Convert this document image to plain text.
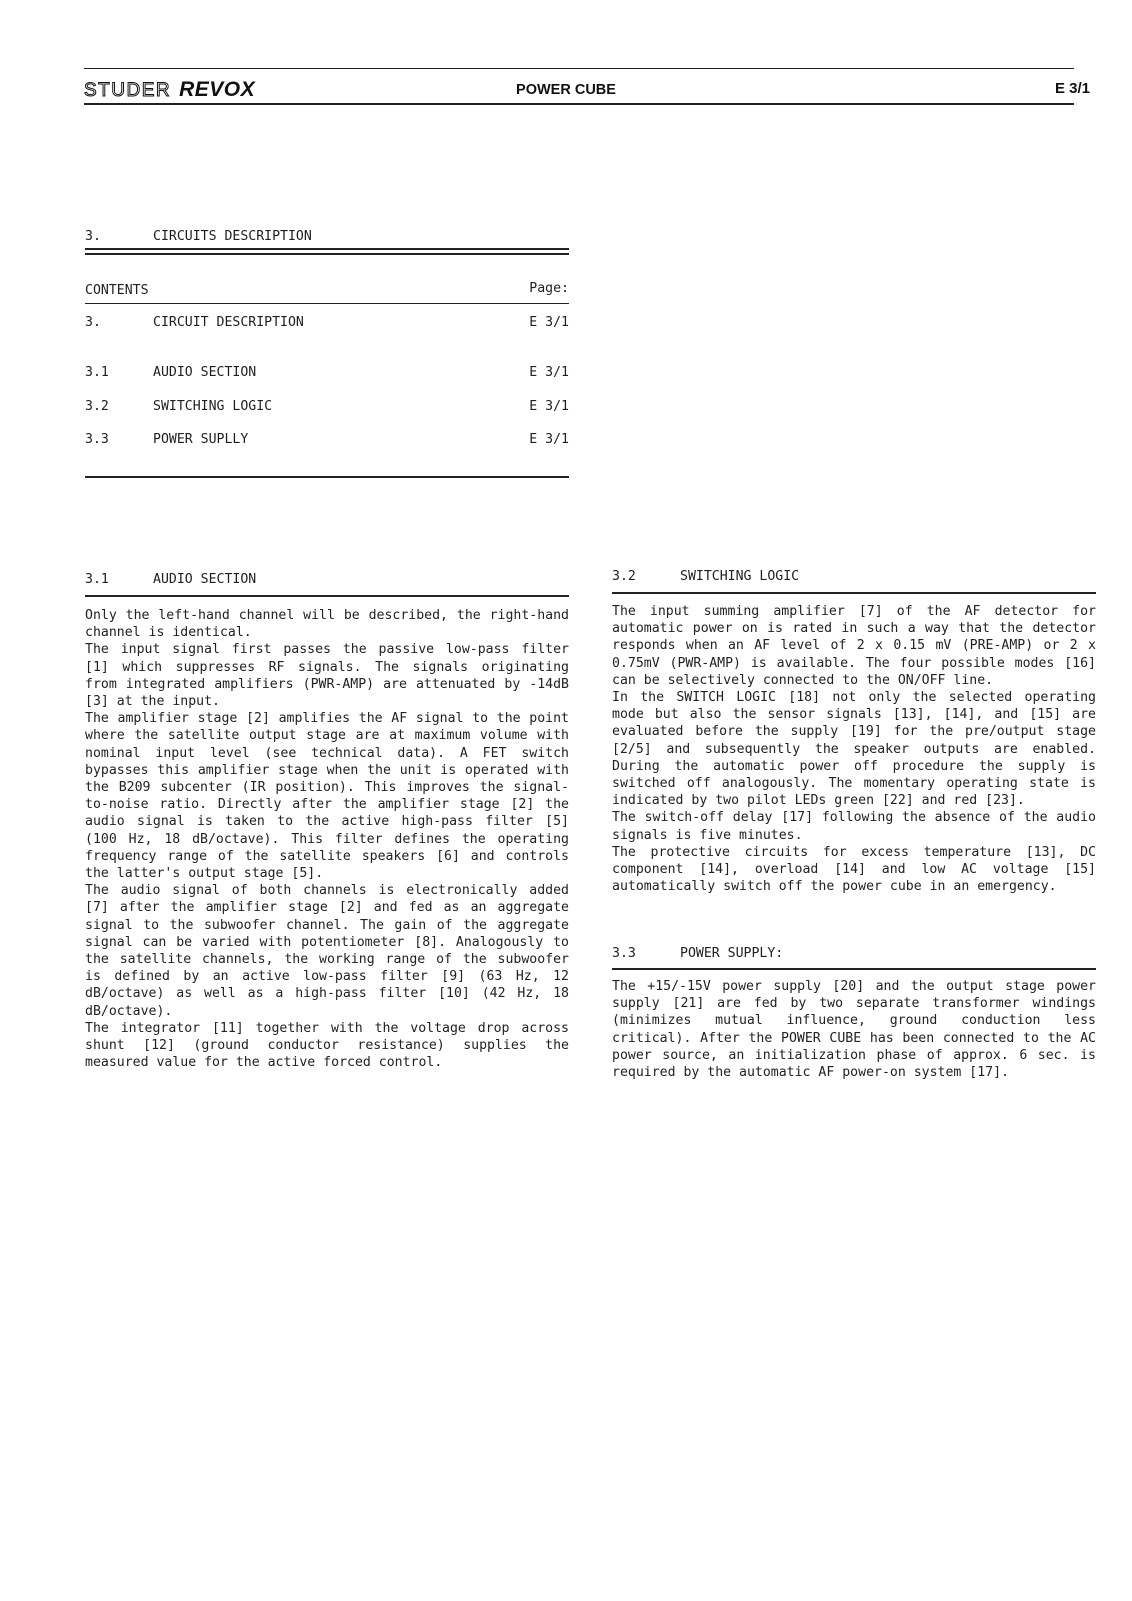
STUDER REVOX	POWER CUBE	E 3/1
3.	CIRCUITS DESCRIPTION
CONTENTS	Page:
3.	CIRCUIT DESCRIPTION	E 3/1
3.1	AUDIO SECTION	E 3/1
3.2	SWITCHING LOGIC	E 3/1
3.3	POWER SUPLLY	E 3/1
3.1	AUDIO SECTION

Only the left-hand channel will be described, the right-hand channel is identical.

The input signal first passes the passive low-pass filter [1] which suppresses RF signals. The signals originating from integrated amplifiers (PWR-AMP) are attenuated by -14dB [3] at the input.

The amplifier stage [2] amplifies the AF signal to the point where the satellite output stage are at maximum volume with nominal input level (see technical data). A FET switch bypasses this amplifier stage when the unit is operated with the B209 subcenter (IR position). This improves the signal-to-noise ratio. Directly after the amplifier stage [2] the audio signal is taken to the active high-pass filter [5] (100 Hz, 18 dB/octave). This filter defines the operating frequency range of the satellite speakers [6] and controls the latter's output stage [5].

The audio signal of both channels is electronically added [7] after the amplifier stage [2] and fed as an aggregate signal to the subwoofer channel. The gain of the aggregate signal can be varied with potentiometer [8]. Analogously to the satellite channels, the working range of the subwoofer is defined by an active low-pass filter [9] (63 Hz, 12 dB/octave) as well as a high-pass filter [10] (42 Hz, 18 dB/octave).

The integrator [11] together with the voltage drop across shunt [12] (ground conductor resistance) supplies the measured value for the active forced control.

3.2	SWITCHING LOGIC

The input summing amplifier [7] of the AF detector for automatic power on is rated in such a way that the detector responds when an AF level of 2 x 0.15 mV (PRE-AMP) or 2 x 0.75mV (PWR-AMP) is available. The four possible modes [16] can be selectively connected to the ON/OFF line.

In the SWITCH LOGIC [18] not only the selected operating mode but also the sensor signals [13], [14], and [15] are evaluated before the supply [19] for the pre/output stage [2/5] and subsequently the speaker outputs are enabled. During the automatic power off procedure the supply is switched off analogously. The momentary operating state is indicated by two pilot LEDs green [22] and red [23].

The switch-off delay [17] following the absence of the audio signals is five minutes.

The protective circuits for excess temperature [13], DC component [14], overload [14] and low AC voltage [15] automatically switch off the power cube in an emergency.

3.3	POWER SUPPLY:

The +15/-15V power supply [20] and the output stage power supply [21] are fed by two separate transformer windings (minimizes mutual influence, ground conduction less critical). After the POWER CUBE has been connected to the AC power source, an initialization phase of approx. 6 sec. is required by the automatic AF power-on system [17].
